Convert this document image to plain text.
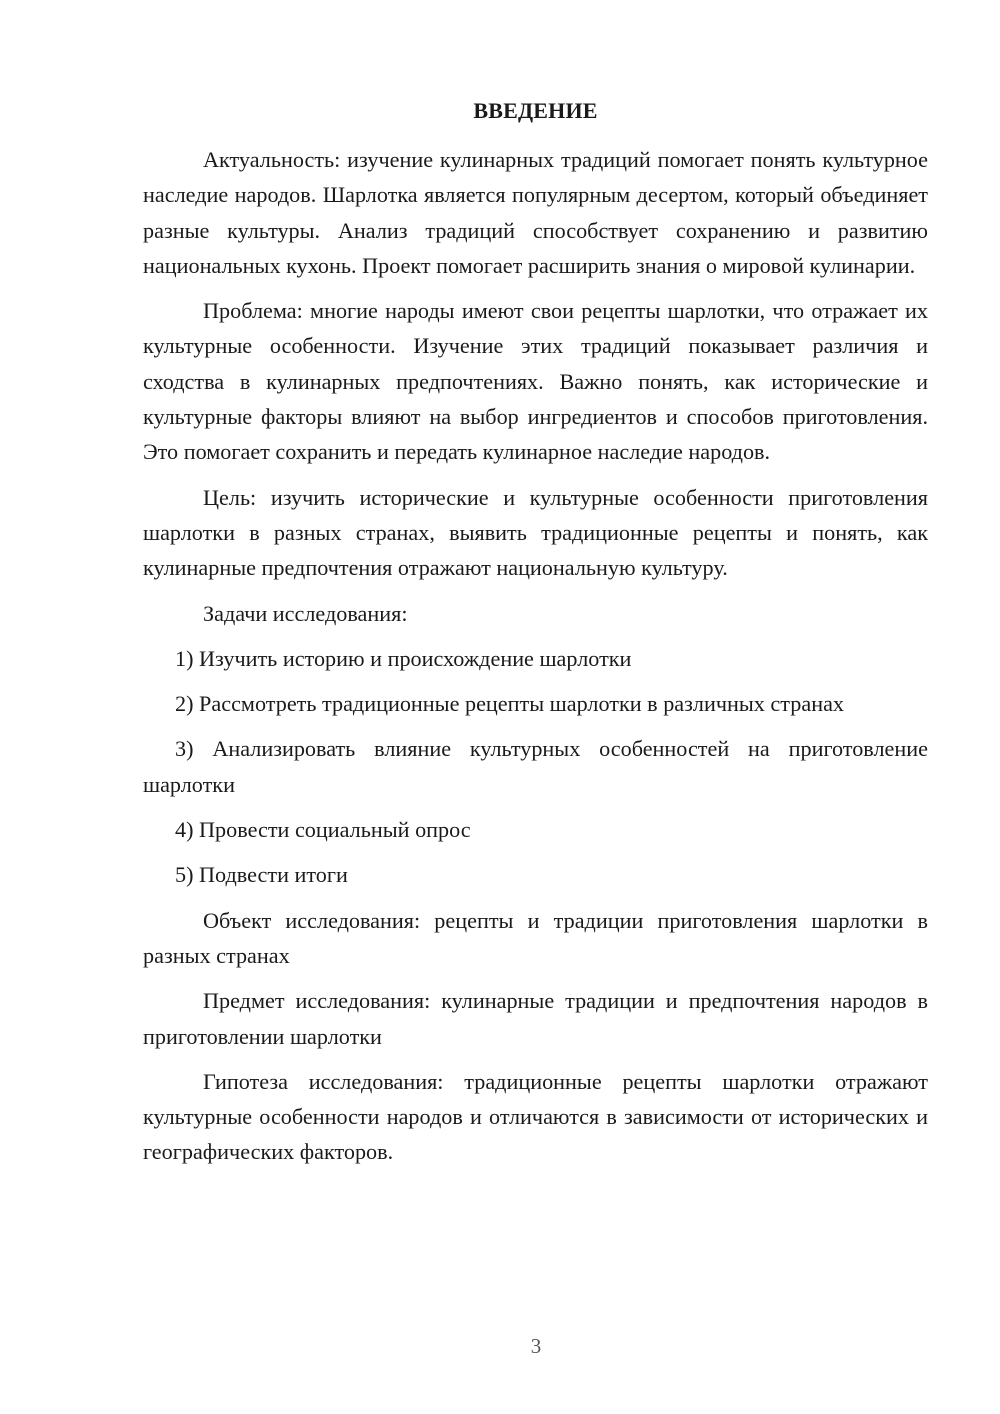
ВВЕДЕНИЕ

Актуальность: изучение кулинарных традиций помогает понять культурное наследие народов. Шарлотка является популярным десертом, который объединяет разные культуры. Анализ традиций способствует сохранению и развитию национальных кухонь. Проект помогает расширить знания о мировой кулинарии.

Проблема: многие народы имеют свои рецепты шарлотки, что отражает их культурные особенности. Изучение этих традиций показывает различия и сходства в кулинарных предпочтениях. Важно понять, как исторические и культурные факторы влияют на выбор ингредиентов и способов приготовления. Это помогает сохранить и передать кулинарное наследие народов.

Цель: изучить исторические и культурные особенности приготовления шарлотки в разных странах, выявить традиционные рецепты и понять, как кулинарные предпочтения отражают национальную культуру.

Задачи исследования:

1) Изучить историю и происхождение шарлотки

2) Рассмотреть традиционные рецепты шарлотки в различных странах

3) Анализировать влияние культурных особенностей на приготовление шарлотки

4) Провести социальный опрос

5) Подвести итоги

Объект исследования: рецепты и традиции приготовления шарлотки в разных странах

Предмет исследования: кулинарные традиции и предпочтения народов в приготовлении шарлотки

Гипотеза исследования: традиционные рецепты шарлотки отражают культурные особенности народов и отличаются в зависимости от исторических и географических факторов.

3
